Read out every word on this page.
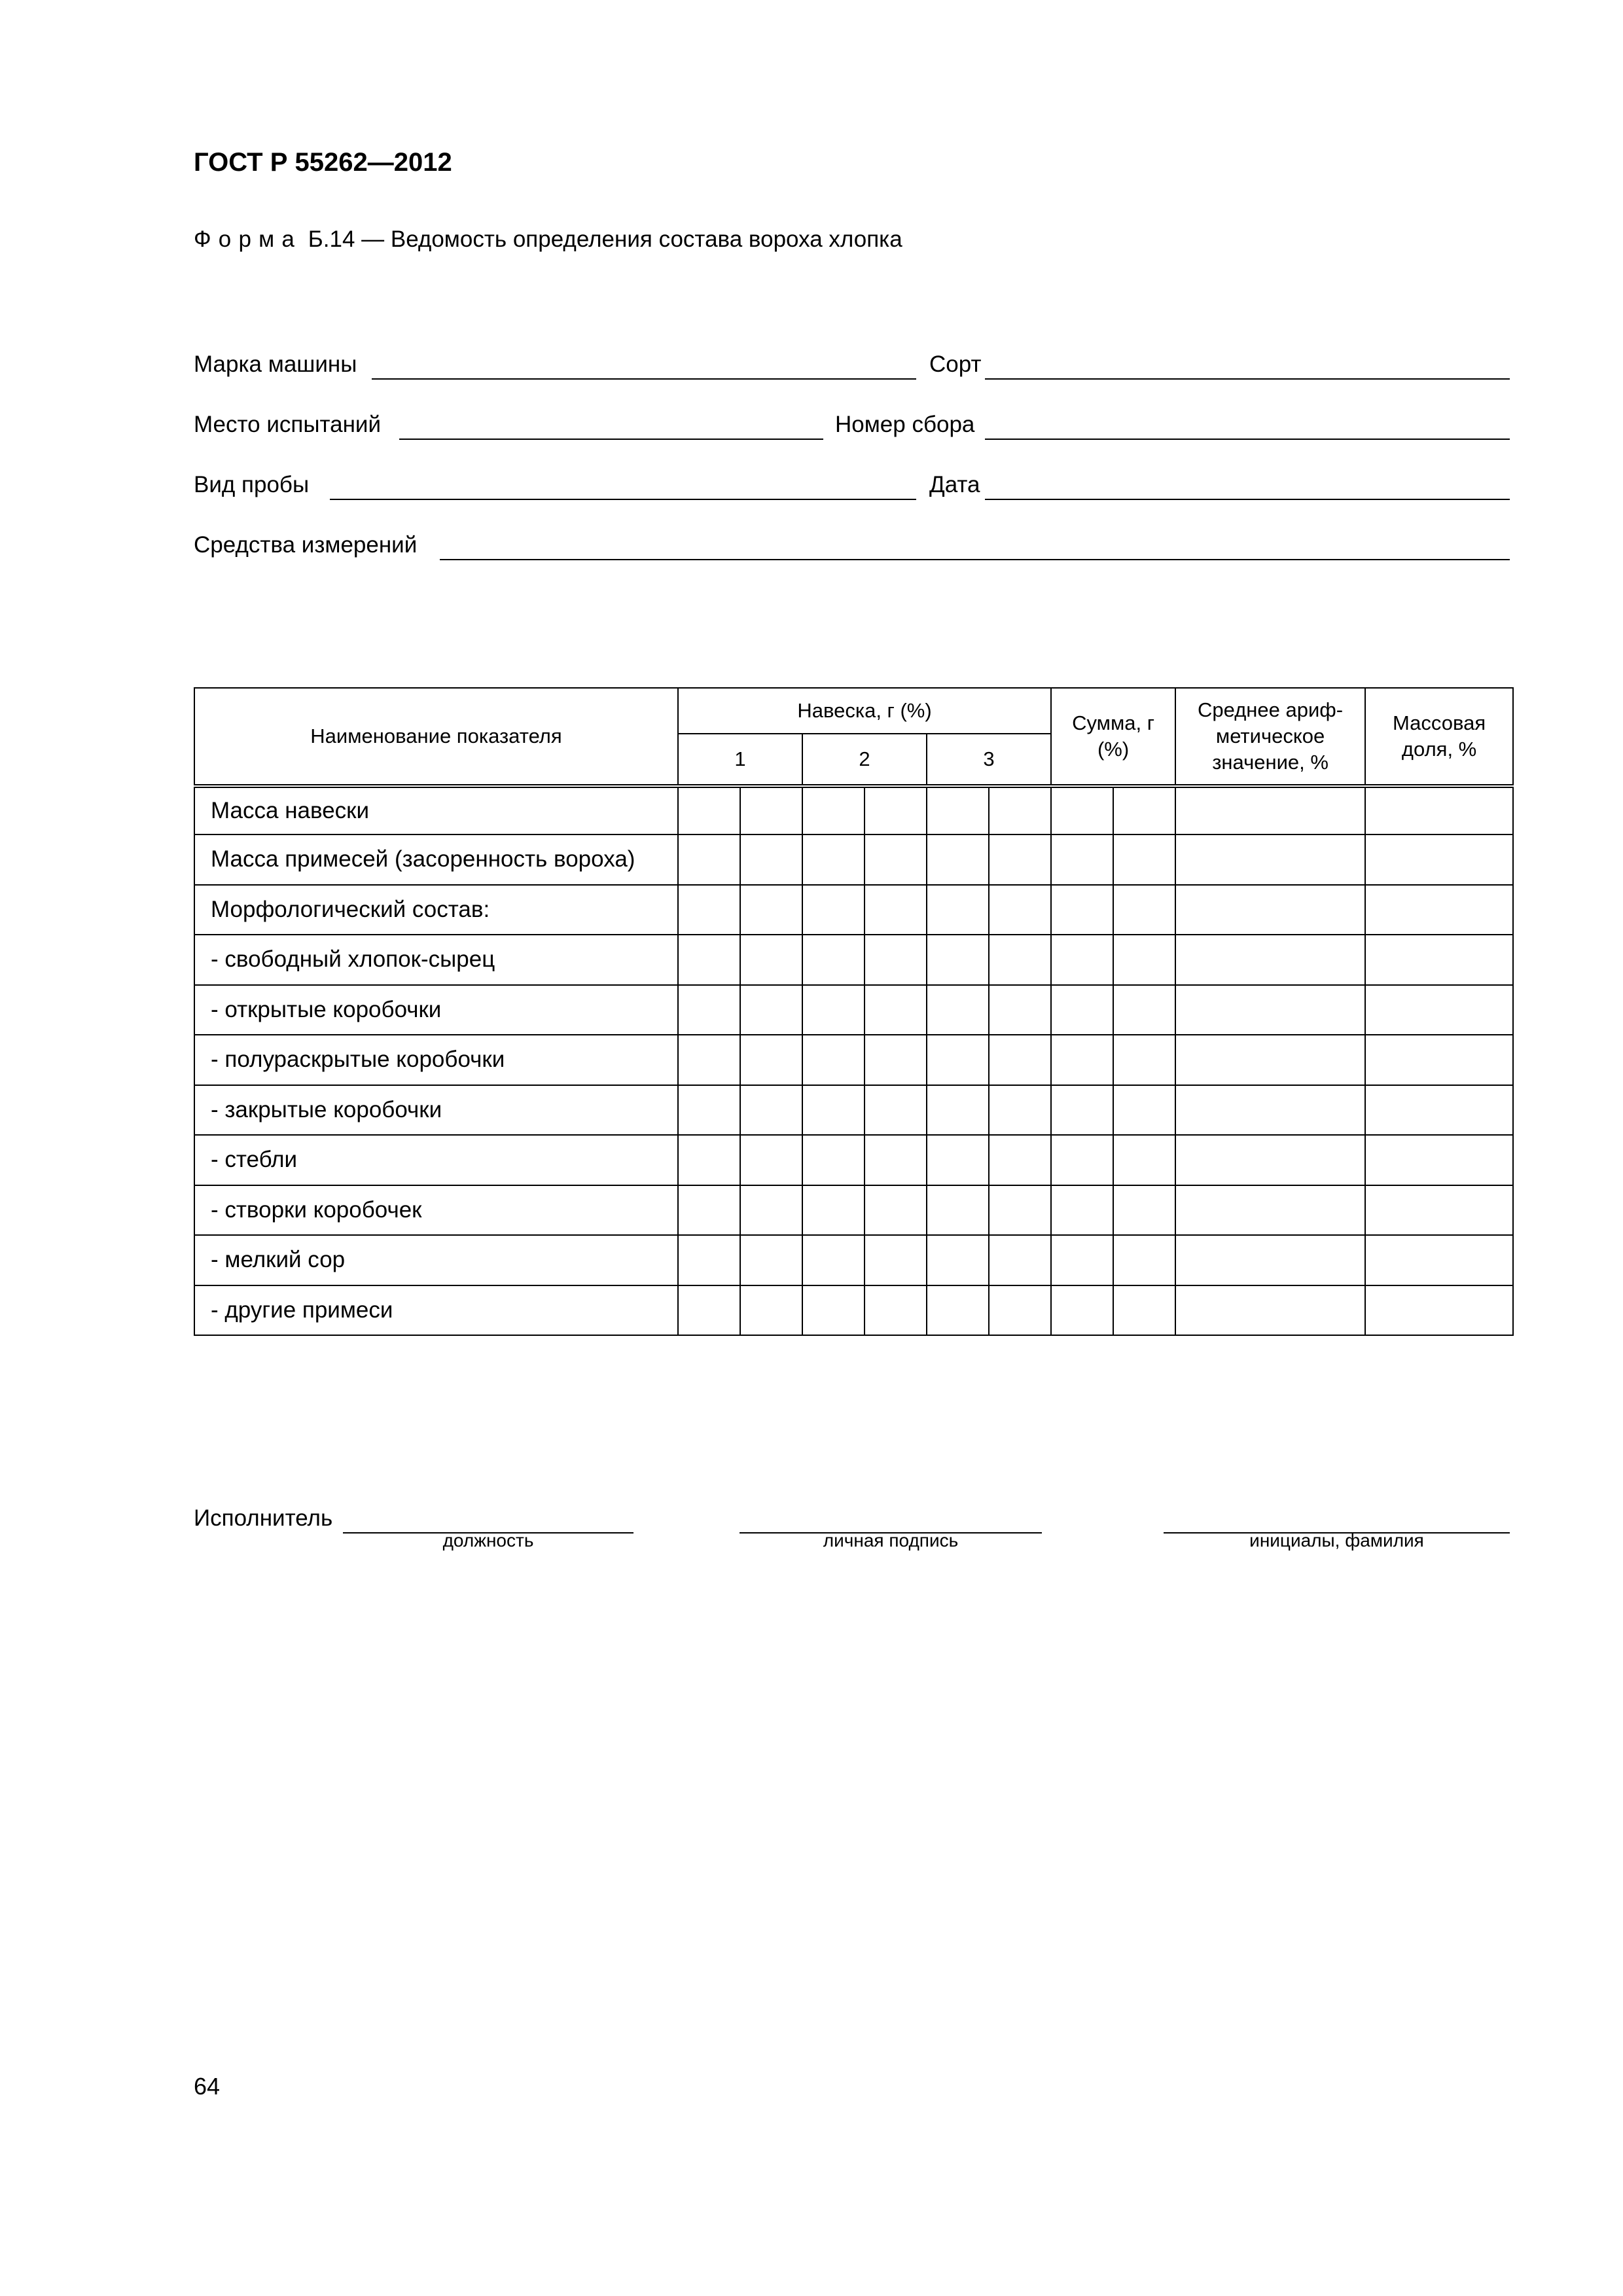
ГОСТ Р 55262—2012
Форма Б.14 — Ведомость определения состава вороха хлопка
Марка машины	Сорт
Место испытаний	Номер сбора
Вид пробы	Дата
Средства измерений
Наименование показателя	Навеска, г (%)						Сумма, г (%)		Среднее ариф-метическое значение, %	Массовая доля, %
	1		2		3					
Масса навески										
Масса примесей (засоренность вороха)										
Морфологический состав:										
- свободный хлопок-сырец										
- открытые коробочки										
- полураскрытые коробочки										
- закрытые коробочки										
- стебли										
- створки коробочек										
- мелкий сор										
- другие примеси										
Исполнитель
должность	личная подпись	инициалы, фамилия
64
